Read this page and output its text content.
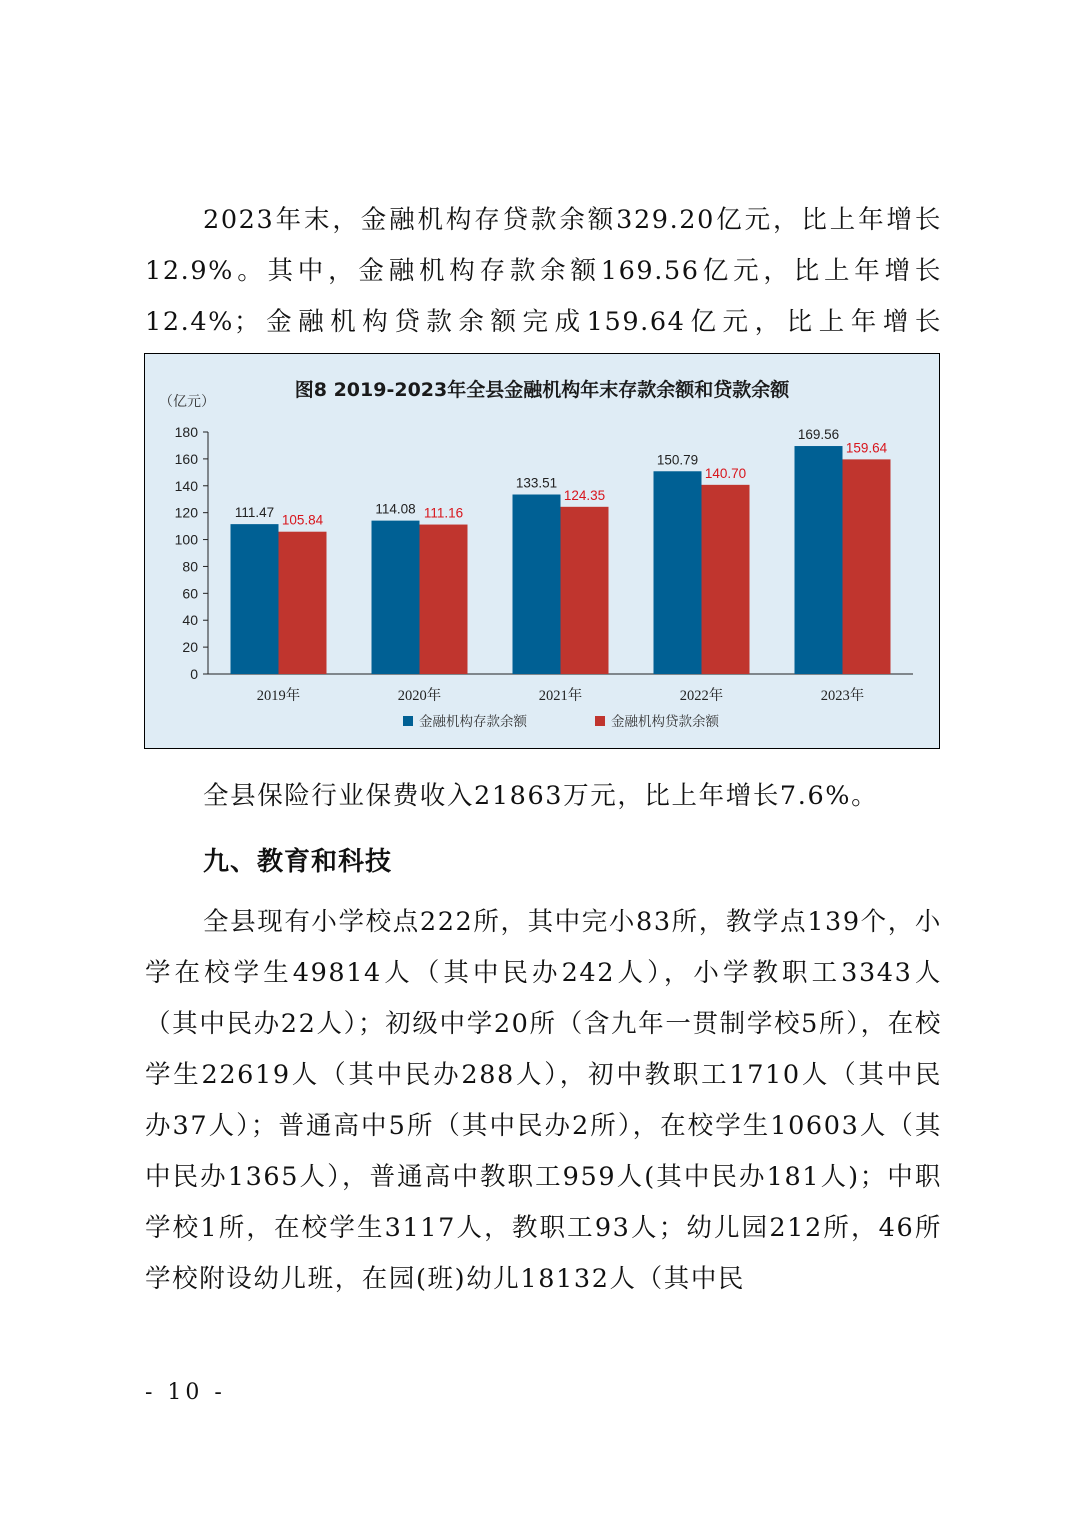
2023年末，金融机构存贷款余额329.20亿元，比上年增长12.9%。其中，金融机构存款余额169.56亿元，比上年增长12.4%；金融机构贷款余额完成159.64亿元，比上年增长

图8 2019-2023年全县金融机构年末存款余额和贷款余额
（亿元）
0
20
40
60
80
100
120
140
160
180
2019年
111.47
105.84
2020年
114.08 111.16
2021年
133.51
124.35
2022年
150.79
140.70
2023年
169.56
159.64
金融机构存款余额	金融机构贷款余额

全县保险行业保费收入21863万元，比上年增长7.6%。

九、教育和科技

全县现有小学校点222所，其中完小83所，教学点139个，小学在校学生49814人（其中民办242人），小学教职工3343人（其中民办22人）；初级中学20所（含九年一贯制学校5所），在校学生22619人（其中民办288人），初中教职工1710人（其中民办37人）；普通高中5所（其中民办2所），在校学生10603人（其中民办1365人），普通高中教职工959人(其中民办181人)；中职学校1所，在校学生3117人，教职工93人；幼儿园212所，46所学校附设幼儿班，在园(班)幼儿18132人（其中民

- 10 -
